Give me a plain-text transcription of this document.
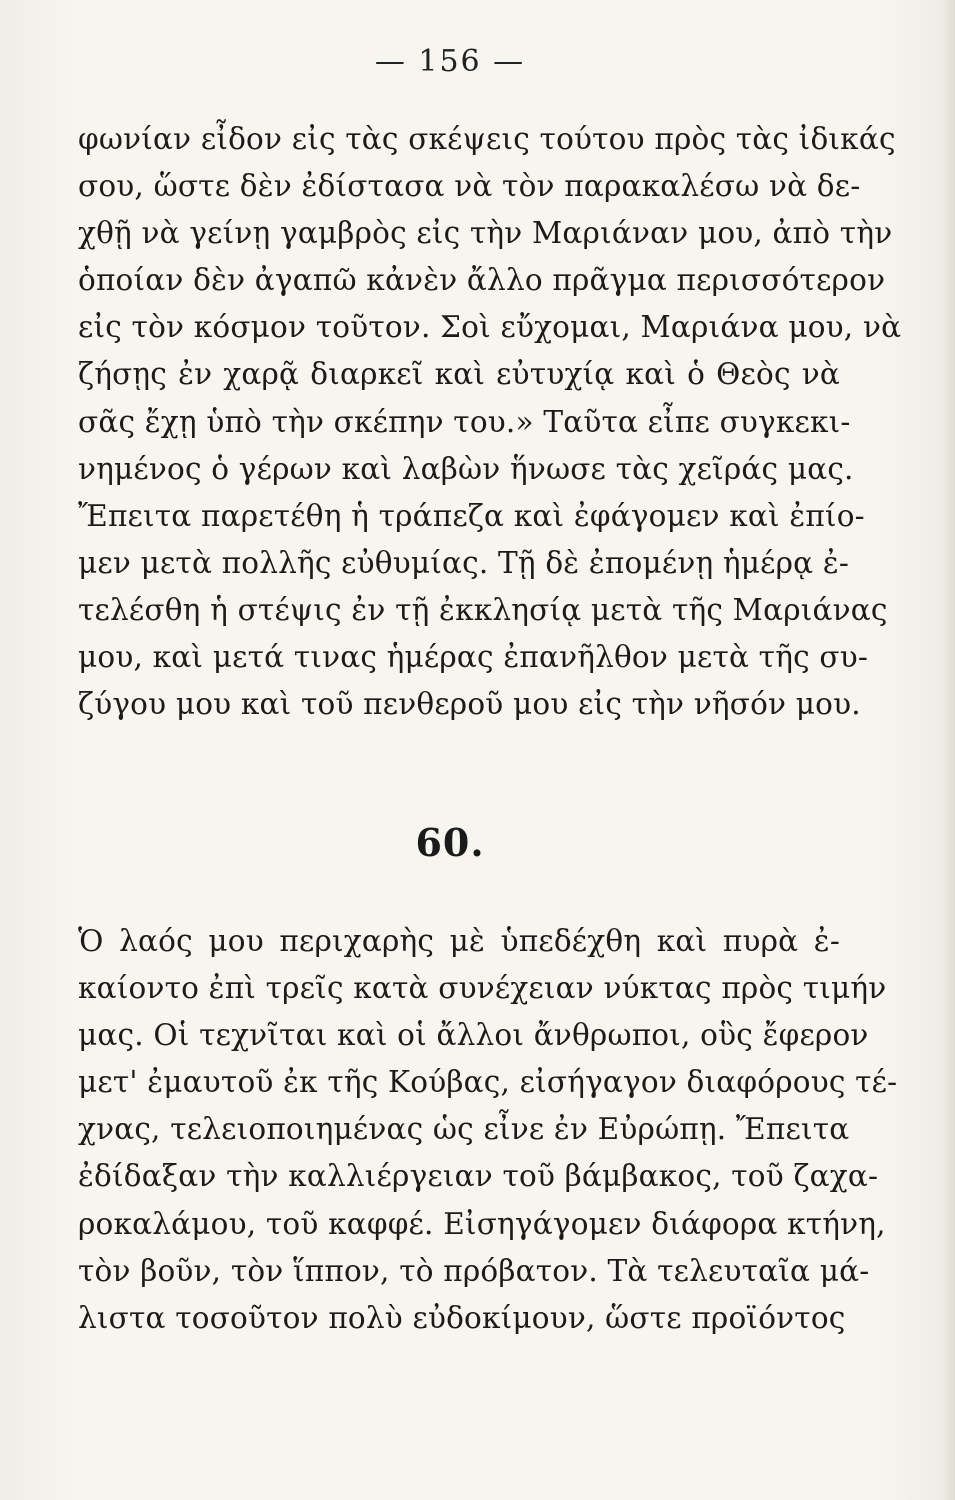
— 156 —
φωνίαν εἶδον εἰς τὰς σκέψεις τούτου πρὸς τὰς ἰδικάς
σου, ὥστε δὲν ἐδίστασα νὰ τὸν παρακαλέσω νὰ δε-
χθῇ νὰ γείνῃ γαμβρὸς εἰς τὴν Μαριάναν μου, ἀπὸ τὴν
ὁποίαν δὲν ἀγαπῶ κἀνὲν ἄλλο πρᾶγμα περισσότερον
εἰς τὸν κόσμον τοῦτον. Σοὶ εὔχομαι, Μαριάνα μου, νὰ
ζήσῃς ἐν χαρᾷ διαρκεῖ καὶ εὐτυχίᾳ καὶ ὁ Θεὸς νὰ
σᾶς ἔχῃ ὑπὸ τὴν σκέπην του.» Ταῦτα εἶπε συγκεκι-
νημένος ὁ γέρων καὶ λαβὼν ἥνωσε τὰς χεῖράς μας.
Ἔπειτα παρετέθη ἡ τράπεζα καὶ ἐφάγομεν καὶ ἐπίο-
μεν μετὰ πολλῆς εὐθυμίας. Τῇ δὲ ἐπομένῃ ἡμέρᾳ ἐ-
τελέσθη ἡ στέψις ἐν τῇ ἐκκλησίᾳ μετὰ τῆς Μαριάνας
μου, καὶ μετά τινας ἡμέρας ἐπανῆλθον μετὰ τῆς συ-
ζύγου μου καὶ τοῦ πενθεροῦ μου εἰς τὴν νῆσόν μου.
60.
Ὁ λαός μου περιχαρὴς μὲ ὑπεδέχθη καὶ πυρὰ ἐ-
καίοντο ἐπὶ τρεῖς κατὰ συνέχειαν νύκτας πρὸς τιμήν
μας. Οἱ τεχνῖται καὶ οἱ ἄλλοι ἄνθρωποι, οὓς ἔφερον
μετ' ἐμαυτοῦ ἐκ τῆς Κούβας, εἰσήγαγον διαφόρους τέ-
χνας, τελειοποιημένας ὡς εἶνε ἐν Εὐρώπῃ. Ἔπειτα
ἐδίδαξαν τὴν καλλιέργειαν τοῦ βάμβακος, τοῦ ζαχα-
ροκαλάμου, τοῦ καφφέ. Εἰσηγάγομεν διάφορα κτήνη,
τὸν βοῦν, τὸν ἵππον, τὸ πρόβατον. Τὰ τελευταῖα μά-
λιστα τοσοῦτον πολὺ εὐδοκίμουν, ὥστε προϊόντος
